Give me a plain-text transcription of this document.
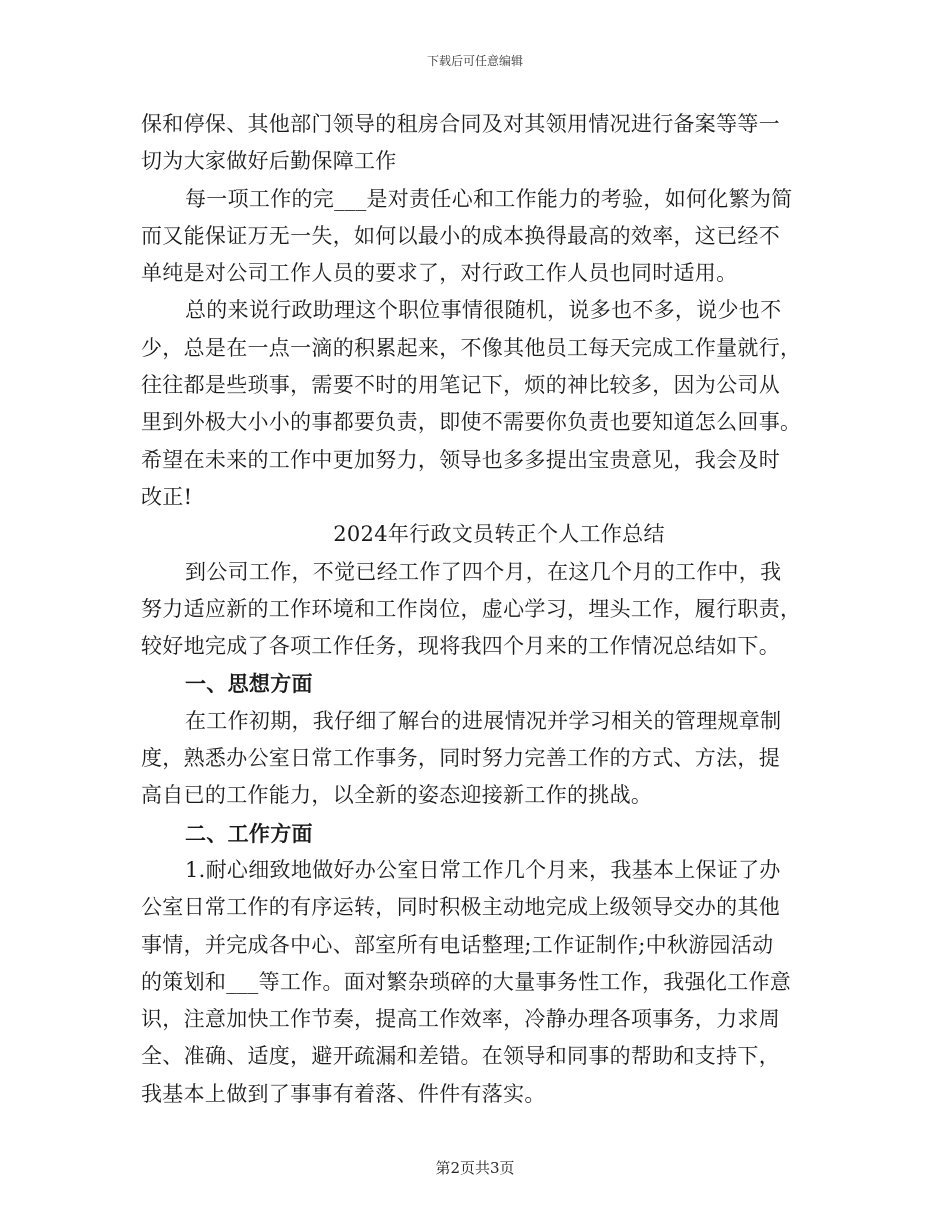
下载后可任意编辑
保和停保、其他部门领导的租房合同及对其领用情况进行备案等等一
切为大家做好后勤保障工作
每一项工作的完___是对责任心和工作能力的考验，如何化繁为简
而又能保证万无一失，如何以最小的成本换得最高的效率，这已经不
单纯是对公司工作人员的要求了，对行政工作人员也同时适用。
总的来说行政助理这个职位事情很随机，说多也不多，说少也不
少，总是在一点一滴的积累起来，不像其他员工每天完成工作量就行，
往往都是些琐事，需要不时的用笔记下，烦的神比较多，因为公司从
里到外极大小小的事都要负责，即使不需要你负责也要知道怎么回事。
希望在未来的工作中更加努力，领导也多多提出宝贵意见，我会及时
改正!
2024年行政文员转正个人工作总结
到公司工作，不觉已经工作了四个月，在这几个月的工作中，我
努力适应新的工作环境和工作岗位，虚心学习，埋头工作，履行职责，
较好地完成了各项工作任务，现将我四个月来的工作情况总结如下。
一、思想方面
在工作初期，我仔细了解台的进展情况并学习相关的管理规章制
度，熟悉办公室日常工作事务，同时努力完善工作的方式、方法，提
高自已的工作能力，以全新的姿态迎接新工作的挑战。
二、工作方面
1.耐心细致地做好办公室日常工作几个月来，我基本上保证了办
公室日常工作的有序运转，同时积极主动地完成上级领导交办的其他
事情，并完成各中心、部室所有电话整理;工作证制作;中秋游园活动
的策划和___等工作。面对繁杂琐碎的大量事务性工作，我强化工作意
识，注意加快工作节奏，提高工作效率，冷静办理各项事务，力求周
全、准确、适度，避开疏漏和差错。在领导和同事的帮助和支持下，
我基本上做到了事事有着落、件件有落实。
第2页共3页
